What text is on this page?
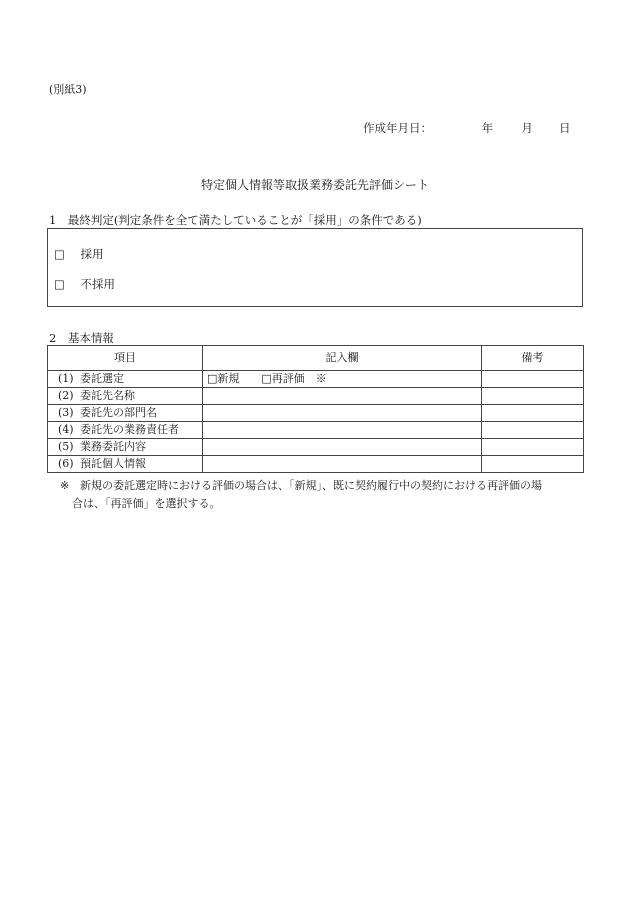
(別紙3)
作成年月日：	年 月 日
特定個人情報等取扱業務委託先評価シート
1　最終判定(判定条件を全て満たしていることが「採用」の条件である)
□ 採用
□ 不採用
2　基本情報
項目	記入欄	備考
(1) 委託選定	□新規　　□再評価　※	
(2) 委託先名称		
(3) 委託先の部門名		
(4) 委託先の業務責任者		
(5) 業務委託内容		
(6) 預託個人情報		
※ 新規の委託選定時における評価の場合は、「新規」、既に契約履行中の契約における再評価の場
合は、「再評価」を選択する。
